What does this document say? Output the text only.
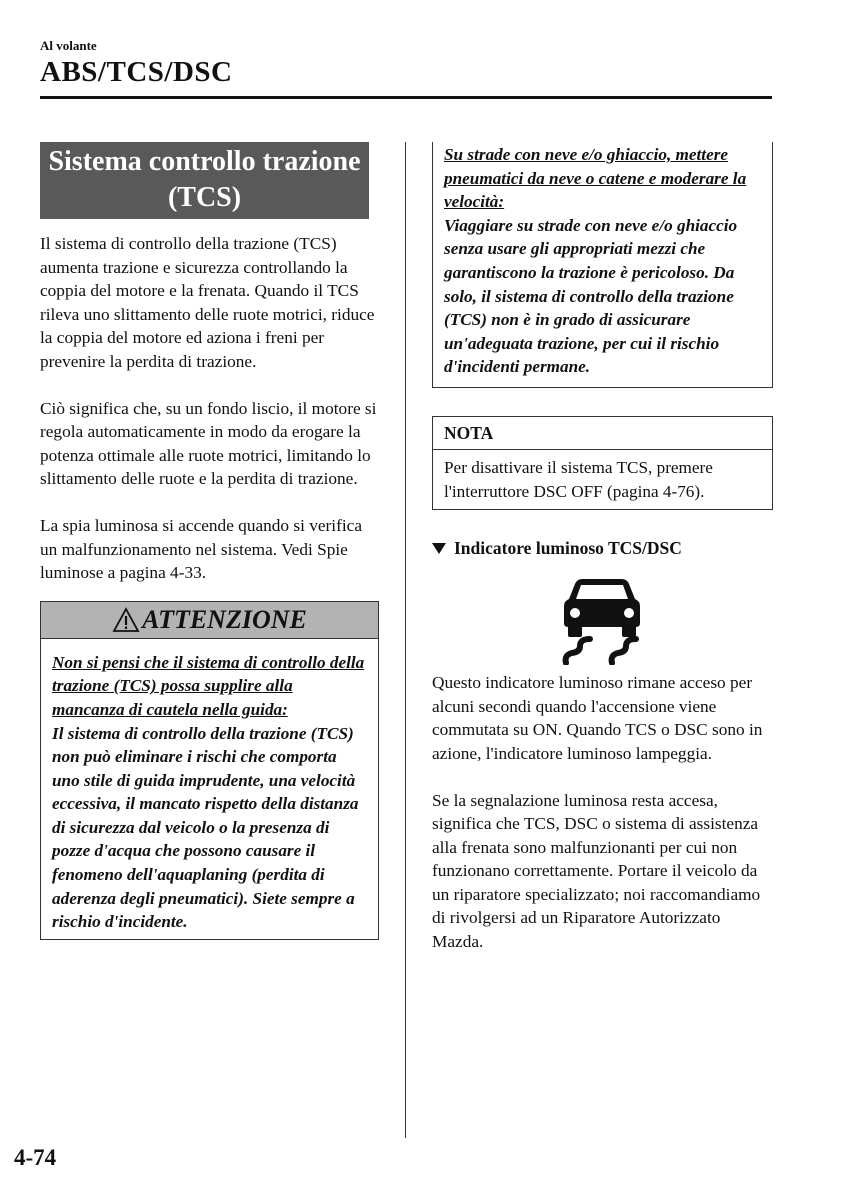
Al volante
ABS/TCS/DSC
Sistema controllo trazione
(TCS)

Il sistema di controllo della trazione (TCS) aumenta trazione e sicurezza controllando la coppia del motore e la frenata. Quando il TCS rileva uno slittamento delle ruote motrici, riduce la coppia del motore ed aziona i freni per prevenire la perdita di trazione.

Ciò significa che, su un fondo liscio, il motore si regola automaticamente in modo da erogare la potenza ottimale alle ruote motrici, limitando lo slittamento delle ruote e la perdita di trazione.

La spia luminosa si accende quando si verifica un malfunzionamento nel sistema. Vedi Spie luminose a pagina 4-33.

ATTENZIONE

Non si pensi che il sistema di controllo della trazione (TCS) possa supplire alla mancanza di cautela nella guida:
Il sistema di controllo della trazione (TCS) non può eliminare i rischi che comporta uno stile di guida imprudente, una velocità eccessiva, il mancato rispetto della distanza di sicurezza dal veicolo o la presenza di pozze d'acqua che possono causare il fenomeno dell'aquaplaning (perdita di aderenza degli pneumatici). Siete sempre a rischio d'incidente.

Su strade con neve e/o ghiaccio, mettere pneumatici da neve o catene e moderare la velocità:
Viaggiare su strade con neve e/o ghiaccio senza usare gli appropriati mezzi che garantiscono la trazione è pericoloso. Da solo, il sistema di controllo della trazione (TCS) non è in grado di assicurare un'adeguata trazione, per cui il rischio d'incidenti permane.

NOTA
Per disattivare il sistema TCS, premere l'interruttore DSC OFF (pagina 4-76).
Indicatore luminoso TCS/DSC

Questo indicatore luminoso rimane acceso per alcuni secondi quando l'accensione viene commutata su ON. Quando TCS o DSC sono in azione, l'indicatore luminoso lampeggia.

Se la segnalazione luminosa resta accesa, significa che TCS, DSC o sistema di assistenza alla frenata sono malfunzionanti per cui non funzionano correttamente. Portare il veicolo da un riparatore specializzato; noi raccomandiamo di rivolgersi ad un Riparatore Autorizzato Mazda.

4-74
